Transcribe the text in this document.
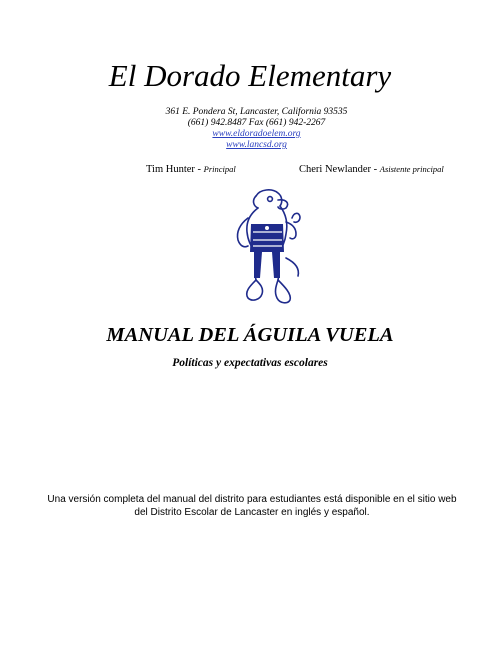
El Dorado Elementary
361 E. Pondera St, Lancaster, California 93535
(661) 942.8487 Fax (661) 942-2267
www.eldoradoelem.org
www.lancsd.org
Tim Hunter - Principal	Cheri Newlander - Asistente principal
MANUAL DEL ÁGUILA VUELA
Políticas y expectativas escolares
Una versión completa del manual del distrito para estudiantes está disponible en el sitio web del Distrito Escolar de Lancaster en inglés y español.
